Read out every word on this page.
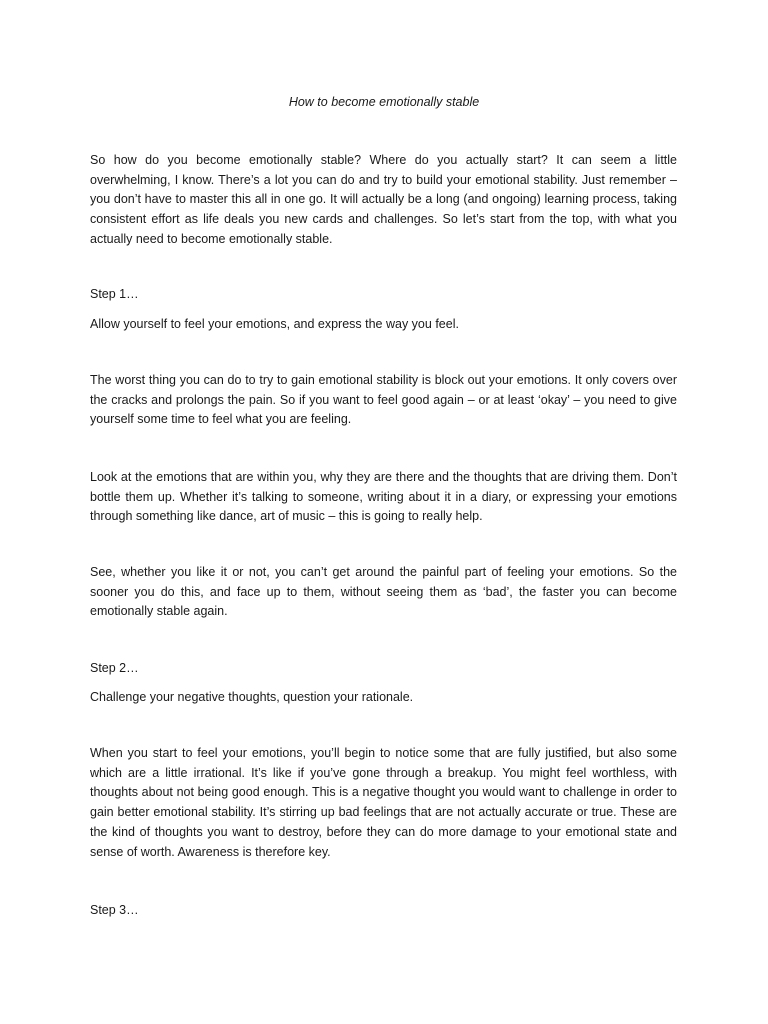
How to become emotionally stable

So how do you become emotionally stable? Where do you actually start? It can seem a little overwhelming, I know. There’s a lot you can do and try to build your emotional stability. Just remember – you don’t have to master this all in one go. It will actually be a long (and ongoing) learning process, taking consistent effort as life deals you new cards and challenges. So let’s start from the top, with what you actually need to become emotionally stable.

Step 1…

Allow yourself to feel your emotions, and express the way you feel.

The worst thing you can do to try to gain emotional stability is block out your emotions. It only covers over the cracks and prolongs the pain. So if you want to feel good again – or at least ‘okay’ – you need to give yourself some time to feel what you are feeling.

Look at the emotions that are within you, why they are there and the thoughts that are driving them. Don’t bottle them up. Whether it’s talking to someone, writing about it in a diary, or expressing your emotions through something like dance, art of music – this is going to really help.

See, whether you like it or not, you can’t get around the painful part of feeling your emotions. So the sooner you do this, and face up to them, without seeing them as ‘bad’, the faster you can become emotionally stable again.

Step 2…

Challenge your negative thoughts, question your rationale.

When you start to feel your emotions, you’ll begin to notice some that are fully justified, but also some which are a little irrational. It’s like if you’ve gone through a breakup. You might feel worthless, with thoughts about not being good enough. This is a negative thought you would want to challenge in order to gain better emotional stability. It’s stirring up bad feelings that are not actually accurate or true. These are the kind of thoughts you want to destroy, before they can do more damage to your emotional state and sense of worth. Awareness is therefore key.

Step 3…
